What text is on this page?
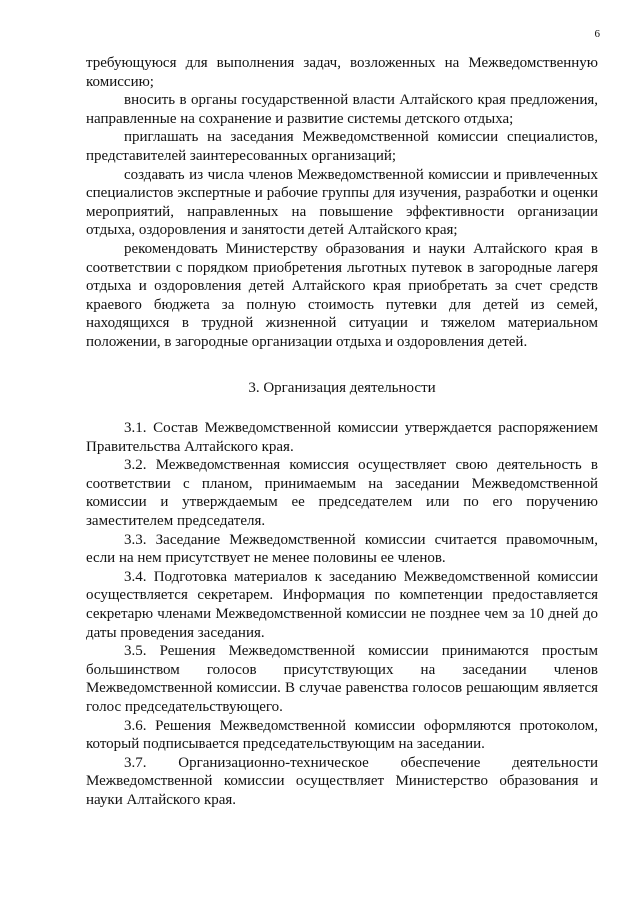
6

требующуюся для выполнения задач, возложенных на Межведомственную комиссию;

вносить в органы государственной власти Алтайского края предложения, направленные на сохранение и развитие системы детского отдыха;

приглашать на заседания Межведомственной комиссии специалистов, представителей заинтересованных организаций;

создавать из числа членов Межведомственной комиссии и привлеченных специалистов экспертные и рабочие группы для изучения, разработки и оценки мероприятий, направленных на повышение эффективности организации отдыха, оздоровления и занятости детей Алтайского края;

рекомендовать Министерству образования и науки Алтайского края в соответствии с порядком приобретения льготных путевок в загородные лагеря отдыха и оздоровления детей Алтайского края приобретать за счет средств краевого бюджета за полную стоимость путевки для детей из семей, находящихся в трудной жизненной ситуации и тяжелом материальном положении, в загородные организации отдыха и оздоровления детей.

3. Организация деятельности

3.1. Состав Межведомственной комиссии утверждается распоряжением Правительства Алтайского края.

3.2. Межведомственная комиссия осуществляет свою деятельность в соответствии с планом, принимаемым на заседании Межведомственной комиссии и утверждаемым ее председателем или по его поручению заместителем председателя.

3.3. Заседание Межведомственной комиссии считается правомочным, если на нем присутствует не менее половины ее членов.

3.4. Подготовка материалов к заседанию Межведомственной комиссии осуществляется секретарем. Информация по компетенции предоставляется секретарю членами Межведомственной комиссии не позднее чем за 10 дней до даты проведения заседания.

3.5. Решения Межведомственной комиссии принимаются простым большинством голосов присутствующих на заседании членов Межведомственной комиссии. В случае равенства голосов решающим является голос председательствующего.

3.6. Решения Межведомственной комиссии оформляются протоколом, который подписывается председательствующим на заседании.

3.7. Организационно-техническое обеспечение деятельности Межведомственной комиссии осуществляет Министерство образования и науки Алтайского края.
